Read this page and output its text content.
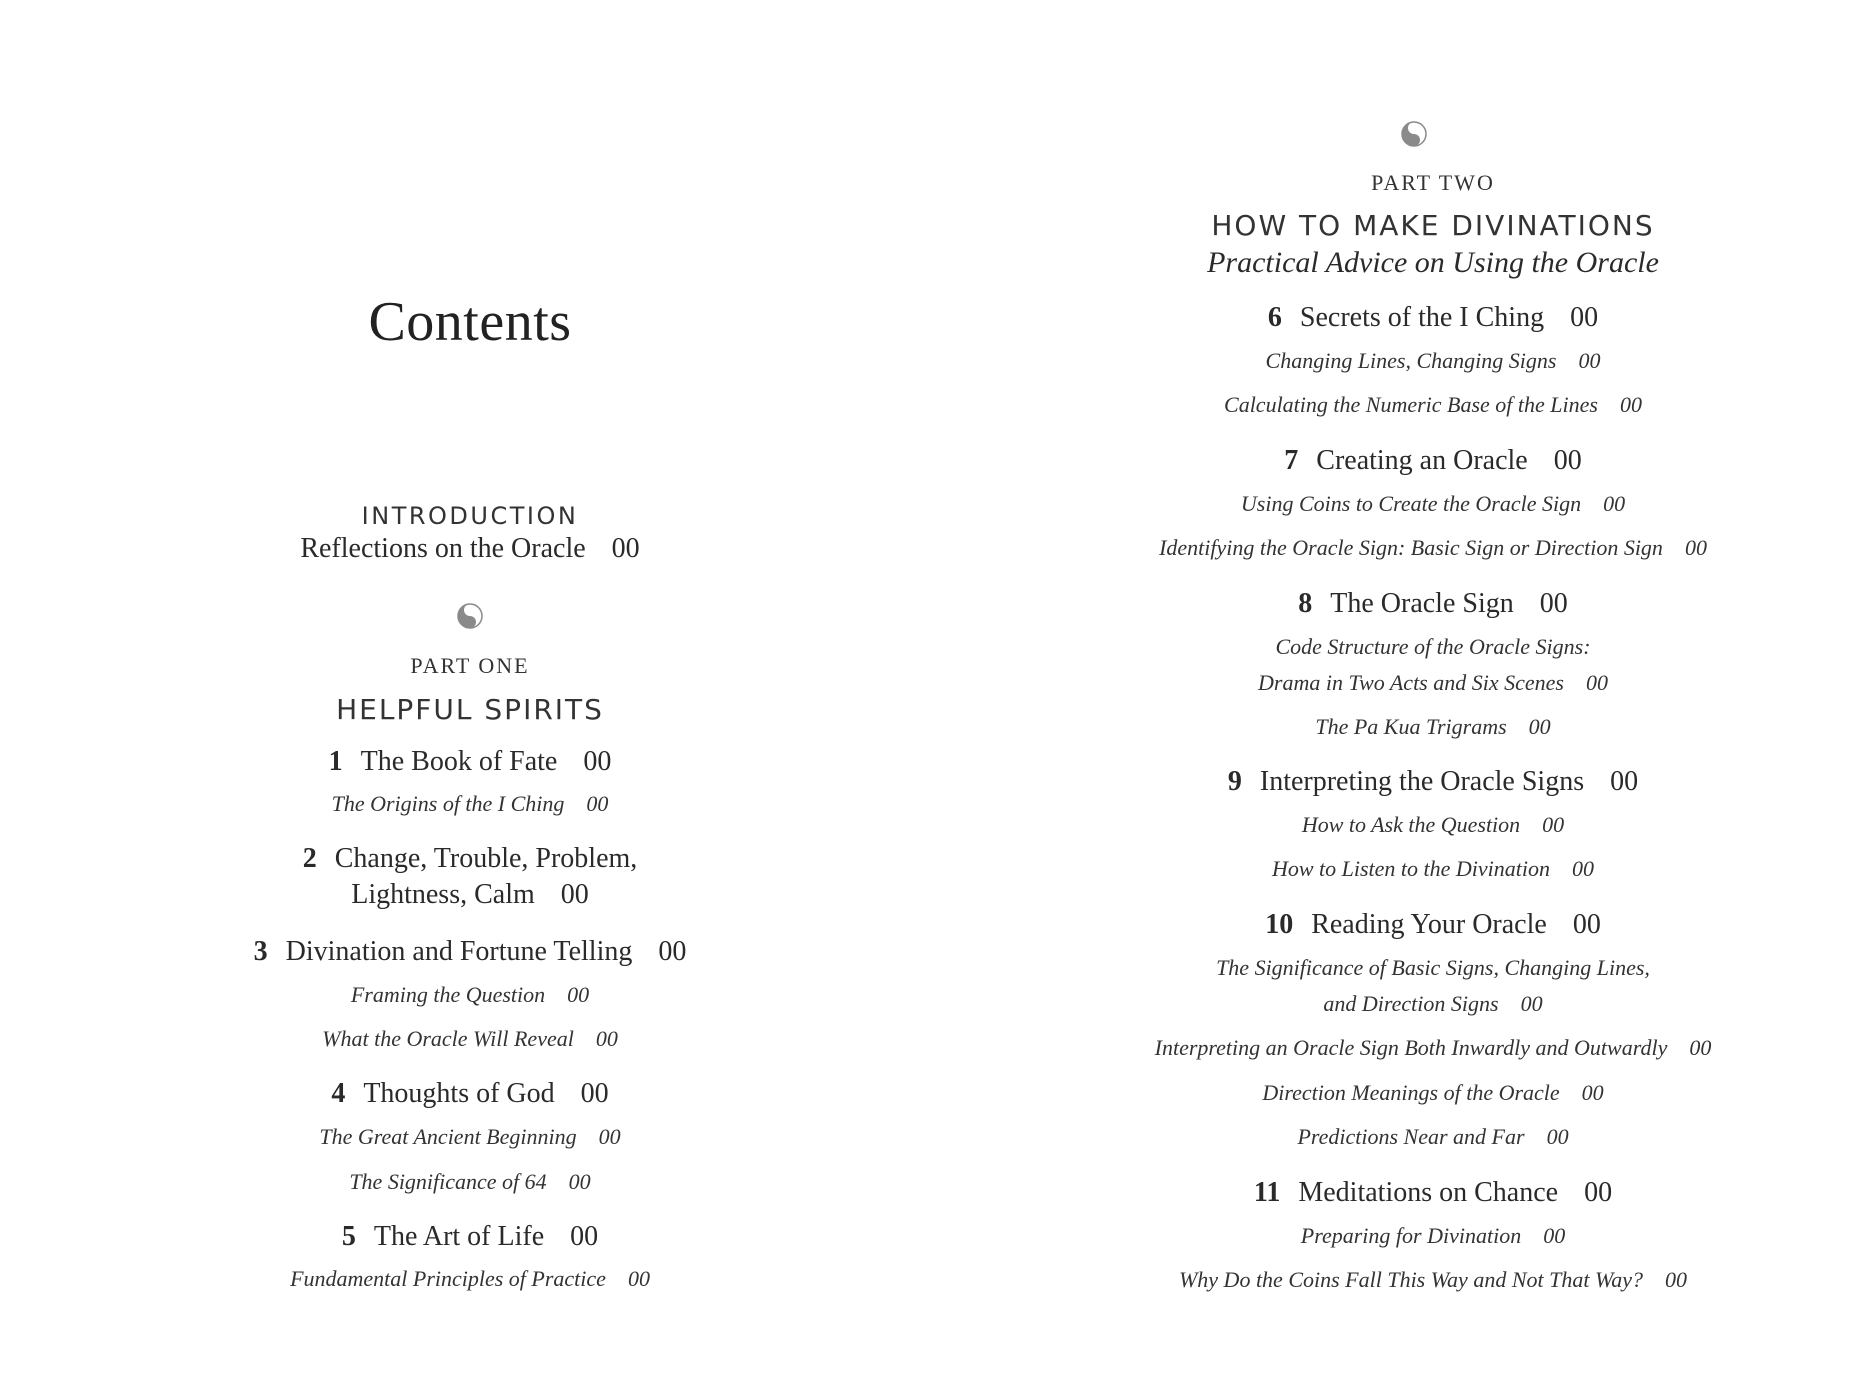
Contents
INTRODUCTION
Reflections on the Oracle 00
PART ONE
HELPFUL SPIRITS
1 The Book of Fate 00
The Origins of the I Ching 00
2 Change, Trouble, Problem,
Lightness, Calm 00
3 Divination and Fortune Telling 00
Framing the Question 00
What the Oracle Will Reveal 00
4 Thoughts of God 00
The Great Ancient Beginning 00
The Significance of 64 00
5 The Art of Life 00
Fundamental Principles of Practice 00
PART TWO
HOW TO MAKE DIVINATIONS
Practical Advice on Using the Oracle
6 Secrets of the I Ching 00
Changing Lines, Changing Signs 00
Calculating the Numeric Base of the Lines 00
7 Creating an Oracle 00
Using Coins to Create the Oracle Sign 00
Identifying the Oracle Sign: Basic Sign or Direction Sign 00
8 The Oracle Sign 00
Code Structure of the Oracle Signs:
Drama in Two Acts and Six Scenes 00
The Pa Kua Trigrams 00
9 Interpreting the Oracle Signs 00
How to Ask the Question 00
How to Listen to the Divination 00
10 Reading Your Oracle 00
The Significance of Basic Signs, Changing Lines,
and Direction Signs 00
Interpreting an Oracle Sign Both Inwardly and Outwardly 00
Direction Meanings of the Oracle 00
Predictions Near and Far 00
11 Meditations on Chance 00
Preparing for Divination 00
Why Do the Coins Fall This Way and Not That Way? 00
